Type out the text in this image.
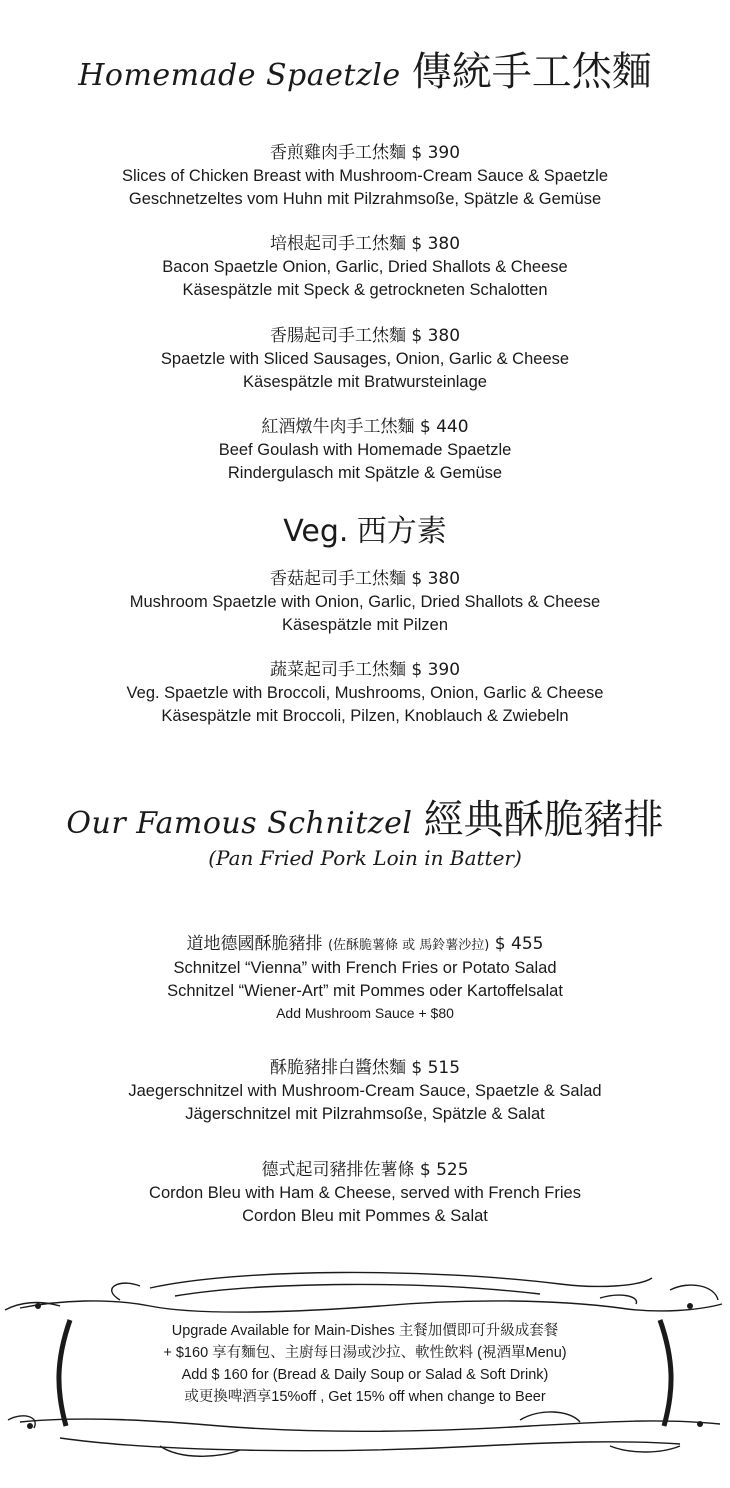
Homemade Spaetzle 傳統手工烋麵
香煎雞肉手工烋麵 $ 390
Slices of Chicken Breast with Mushroom-Cream Sauce & Spaetzle
Geschnetzeltes vom Huhn mit Pilzrahmsoße, Spätzle & Gemüse
培根起司手工烋麵 $ 380
Bacon Spaetzle Onion, Garlic, Dried Shallots & Cheese
Käsespätzle mit Speck & getrockneten Schalotten
香腸起司手工烋麵 $ 380
Spaetzle with Sliced Sausages, Onion, Garlic & Cheese
Käsespätzle mit Bratwursteinlage
紅酒燉牛肉手工烋麵 $ 440
Beef Goulash with Homemade Spaetzle
Rindergulasch mit Spätzle & Gemüse
Veg. 西方素
香菇起司手工烋麵 $ 380
Mushroom Spaetzle with Onion, Garlic, Dried Shallots & Cheese
Käsespätzle mit Pilzen
蔬菜起司手工烋麵 $ 390
Veg. Spaetzle with Broccoli, Mushrooms, Onion, Garlic & Cheese
Käsespätzle mit Broccoli, Pilzen, Knoblauch & Zwiebeln
Our Famous Schnitzel 經典酥脆豬排
(Pan Fried Pork Loin in Batter)
道地德國酥脆豬排 (佐酥脆薯條 或 馬鈴薯沙拉) $ 455
Schnitzel “Vienna” with French Fries or Potato Salad
Schnitzel “Wiener-Art” mit Pommes oder Kartoffelsalat
Add Mushroom Sauce + $80
酥脆豬排白醬烋麵 $ 515
Jaegerschnitzel with Mushroom-Cream Sauce, Spaetzle & Salad
Jägerschnitzel mit Pilzrahmsoße, Spätzle & Salat
德式起司豬排佐薯條 $ 525
Cordon Bleu with Ham & Cheese, served with French Fries
Cordon Bleu mit Pommes & Salat
Upgrade Available for Main-Dishes 主餐加價即可升級成套餐
+ $160 享有麵包、主廚每日湯或沙拉、軟性飲料 (視酒單Menu)
Add $ 160 for (Bread & Daily Soup or Salad & Soft Drink)
或更換啤酒享15%off , Get 15% off when change to Beer
